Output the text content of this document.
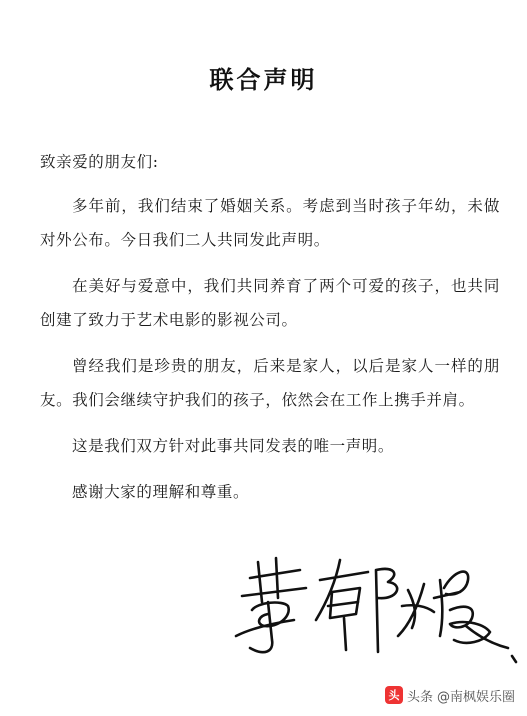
联合声明

致亲爱的朋友们:

多年前，我们结束了婚姻关系。考虑到当时孩子年幼，未做对外公布。今日我们二人共同发此声明。

在美好与爱意中，我们共同养育了两个可爱的孩子，也共同创建了致力于艺术电影的影视公司。

曾经我们是珍贵的朋友，后来是家人，以后是家人一样的朋友。我们会继续守护我们的孩子，依然会在工作上携手并肩。

这是我们双方针对此事共同发表的唯一声明。

感谢大家的理解和尊重。

头 头条 @南枫娱乐圈
